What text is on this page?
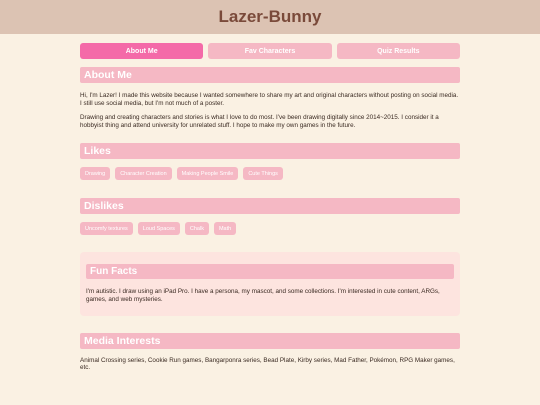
Lazer-Bunny
About Me	Fav Characters	Quiz Results
About Me

Hi, I'm Lazer! I made this website because I wanted somewhere to share my art and original characters without posting on social media. I still use social media, but I'm not much of a poster.

Drawing and creating characters and stories is what I love to do most. I've been drawing digitally since 2014~2015. I consider it a hobbyist thing and attend university for unrelated stuff. I hope to make my own games in the future.

Likes
Drawing	Character Creation	Making People Smile	Cute Things
Dislikes
Uncomfy textures	Loud Spaces	Chalk	Math
Fun Facts

I'm autistic. I draw using an iPad Pro. I have a persona, my mascot, and some collections. I'm interested in cute content, ARGs, games, and web mysteries.

Media Interests

Animal Crossing series, Cookie Run games, Bangarponra series, Bead Plate, Kirby series, Mad Father, Pokémon, RPG Maker games, etc.
